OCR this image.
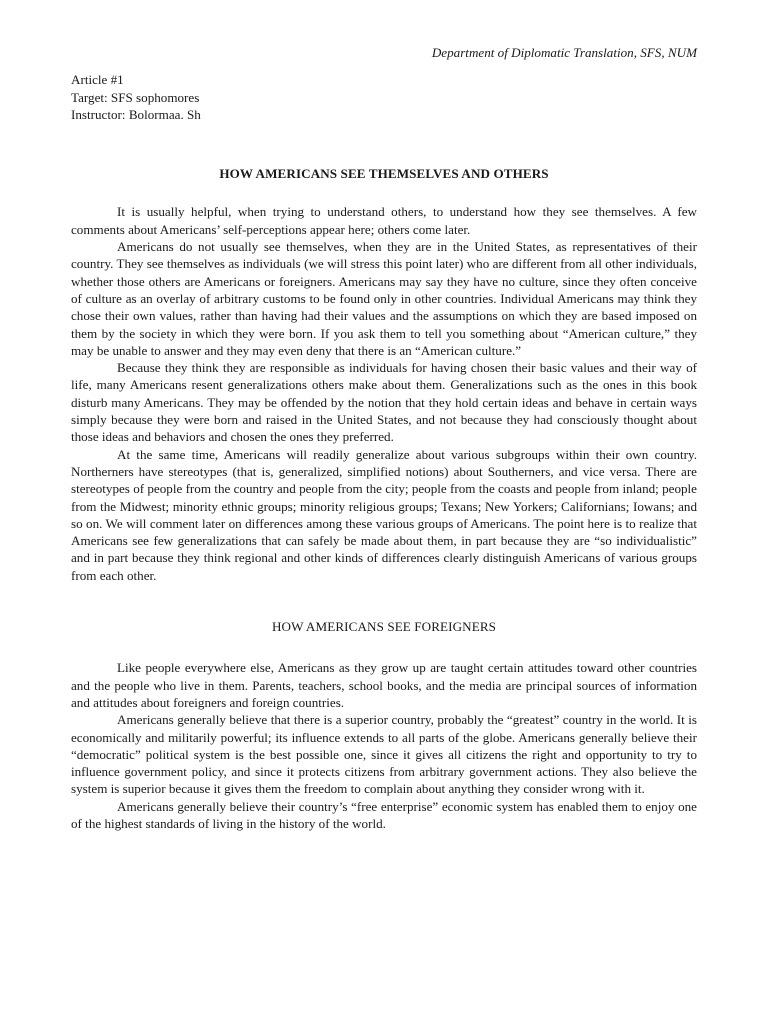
Department of Diplomatic Translation, SFS, NUM

Article #1

Target: SFS sophomores

Instructor: Bolormaa. Sh

HOW AMERICANS SEE THEMSELVES AND OTHERS

It is usually helpful, when trying to understand others, to understand how they see themselves. A few comments about Americans’ self-perceptions appear here; others come later.

Americans do not usually see themselves, when they are in the United States, as representatives of their country. They see themselves as individuals (we will stress this point later) who are different from all other individuals, whether those others are Americans or foreigners. Americans may say they have no culture, since they often conceive of culture as an overlay of arbitrary customs to be found only in other countries. Individual Americans may think they chose their own values, rather than having had their values and the assumptions on which they are based imposed on them by the society in which they were born. If you ask them to tell you something about “American culture,” they may be unable to answer and they may even deny that there is an “American culture.”

Because they think they are responsible as individuals for having chosen their basic values and their way of life, many Americans resent generalizations others make about them. Generalizations such as the ones in this book disturb many Americans. They may be offended by the notion that they hold certain ideas and behave in certain ways simply because they were born and raised in the United States, and not because they had consciously thought about those ideas and behaviors and chosen the ones they preferred.

At the same time, Americans will readily generalize about various subgroups within their own country. Northerners have stereotypes (that is, generalized, simplified notions) about Southerners, and vice versa. There are stereotypes of people from the country and people from the city; people from the coasts and people from inland; people from the Midwest; minority ethnic groups; minority religious groups; Texans; New Yorkers; Californians; Iowans; and so on. We will comment later on differences among these various groups of Americans. The point here is to realize that Americans see few generalizations that can safely be made about them, in part because they are “so individualistic” and in part because they think regional and other kinds of differences clearly distinguish Americans of various groups from each other.

HOW AMERICANS SEE FOREIGNERS

Like people everywhere else, Americans as they grow up are taught certain attitudes toward other countries and the people who live in them. Parents, teachers, school books, and the media are principal sources of information and attitudes about foreigners and foreign countries.

Americans generally believe that there is a superior country, probably the “greatest” country in the world. It is economically and militarily powerful; its influence extends to all parts of the globe. Americans generally believe their “democratic” political system is the best possible one, since it gives all citizens the right and opportunity to try to influence government policy, and since it protects citizens from arbitrary government actions. They also believe the system is superior because it gives them the freedom to complain about anything they consider wrong with it.

Americans generally believe their country’s “free enterprise” economic system has enabled them to enjoy one of the highest standards of living in the history of the world.
